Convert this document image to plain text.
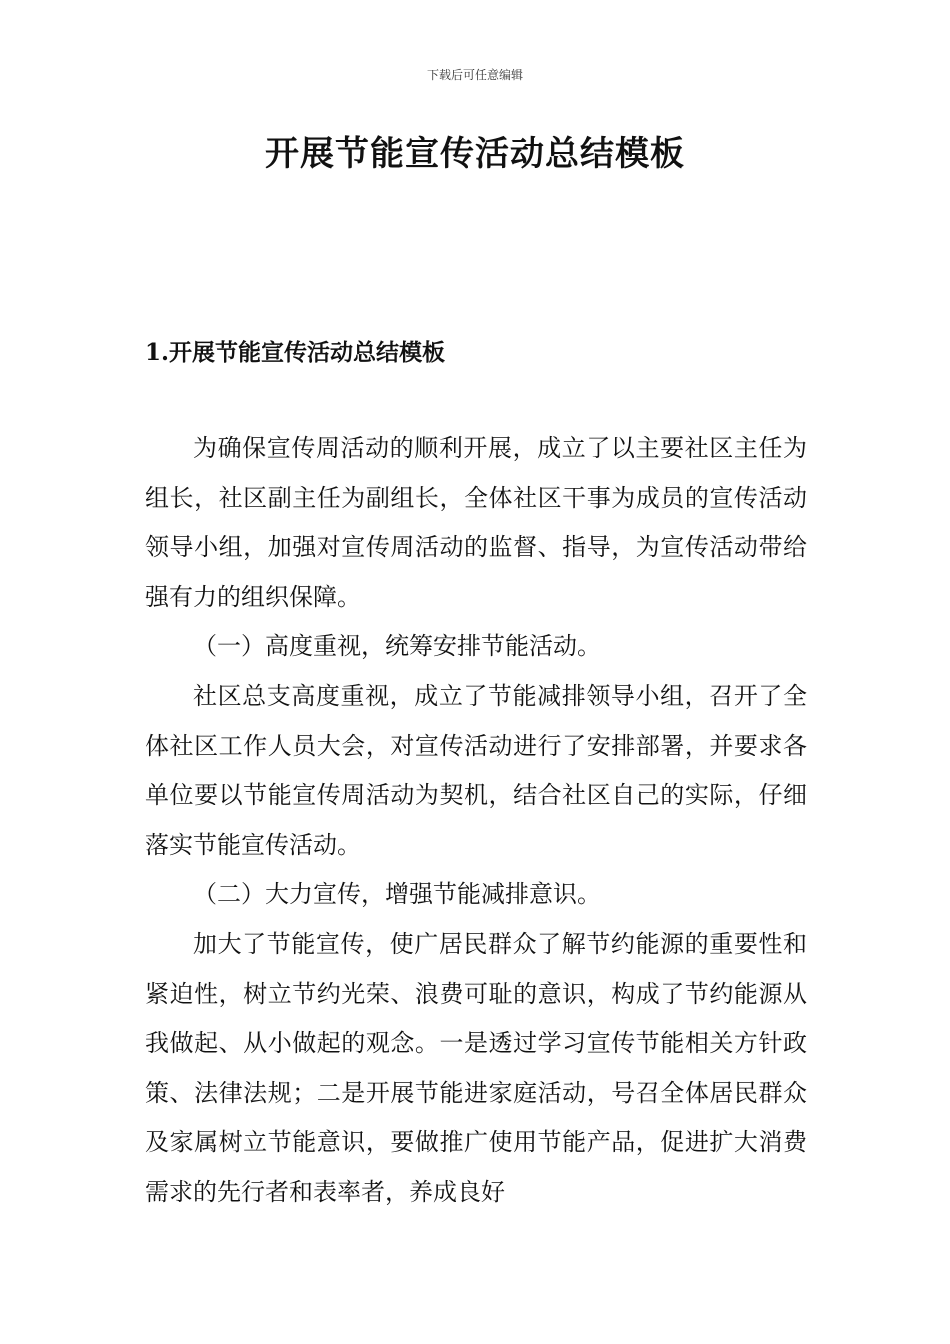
下载后可任意编辑
开展节能宣传活动总结模板
1.开展节能宣传活动总结模板

为确保宣传周活动的顺利开展，成立了以主要社区主任为组长，社区副主任为副组长，全体社区干事为成员的宣传活动领导小组，加强对宣传周活动的监督、指导，为宣传活动带给强有力的组织保障。

（一）高度重视，统筹安排节能活动。

社区总支高度重视，成立了节能减排领导小组，召开了全体社区工作人员大会，对宣传活动进行了安排部署，并要求各单位要以节能宣传周活动为契机，结合社区自己的实际，仔细落实节能宣传活动。

（二）大力宣传，增强节能减排意识。

加大了节能宣传，使广居民群众了解节约能源的重要性和紧迫性，树立节约光荣、浪费可耻的意识，构成了节约能源从我做起、从小做起的观念。一是透过学习宣传节能相关方针政策、法律法规；二是开展节能进家庭活动，号召全体居民群众及家属树立节能意识，要做推广使用节能产品，促进扩大消费需求的先行者和表率者，养成良好
